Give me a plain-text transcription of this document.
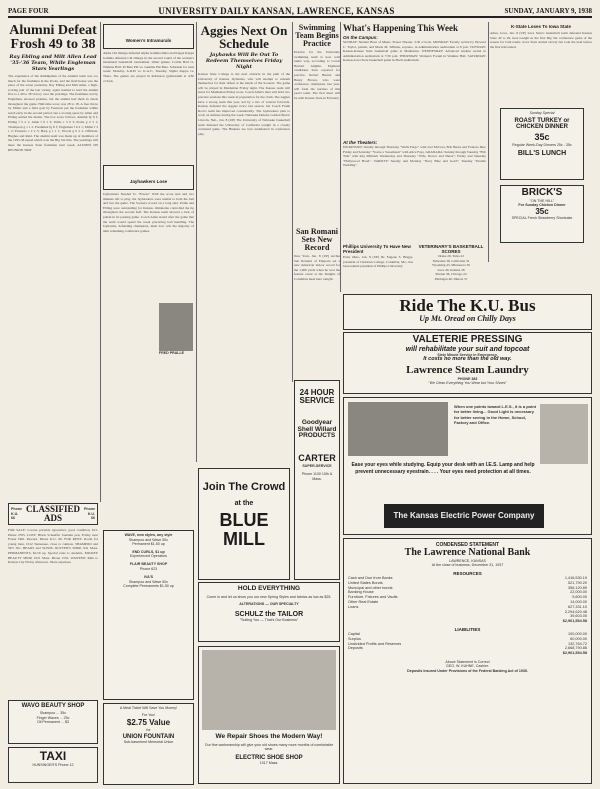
PAGE FOUR	UNIVERSITY DAILY KANSAN, LAWRENCE, KANSAS	SUNDAY, JANUARY 9, 1938
Alumni Defeat Frosh 49 to 38
Ray Ebling and Milt Allen Lead '35-'36 Team, While Engleman Stars Yearlings
The experience of the midshipmen of the Alumni team was too much for the freshmen in the Pocks, and the field house was the place of the scene yesterday. Ray Ebling and Milt Allen, a high-scoring pair of the last varsity, again teamed to lead the alumni five to a 49 to 38 victory over the yearlings. The freshmen, led by Engleman, showed promise, but the alumni had them in check throughout the game. Half-time score was 28 to 18. A free throw by Miller and a field goal by Fearnots put the freshmen within reach early in the second period, but a scoring spree by Allen and Ebling settled the matter. The box score follows. Alumni fg ft f; Ebling f 5 2 1; Allen f 6 1 2; Wells c 3 0 3; Pralle g 2 3 1; Thompson g 1 1 2. Freshmen fg ft f; Engleman f 6 2 1; Miller f 3 1 2; Fearnots c 2 2 3; Harp g 1 1 1; Woods g 0 2 2. Officials: Hughes and Reid. The alumni team was made up of members of the 1935-36 squad which won the Big Six title. The yearlings will meet the Kansas State freshmen next week. ALUMNI ON REUNION TRIP
Phone K.U. 66
CLASSIFIED ADS
Phone K.U. 66
FOR SALE: Corona portable typewriter, good condition, $15. Phone 2765. LOST: Black Schaeffer fountain pen, Friday near Fraser Hall. Reward. Phone K.U. 66. FOR RENT: Room for young man, 1012 Tennessee, close to campus. SHAMPOO and SET 50c. BEADS and SLEDS. RUTTER'S SHOP, 941 Mass. PERMANENTS, $2.50 up. Special rates to students. MICKEY BEAUTY SHOP, 1021 Mass. Phone 1552. WANTED: Ride to Kansas City Friday afternoon. Share expenses.
WAVO BEAUTY SHOP
Shampoo ... 35c
Finger Waves ... 25c
Oil Permanent ... $3
TAXI
HUNSINGER'S Phone 12
Women's Intramurals
Alpha Chi Omega defeated Alpha Gamma Delta and Kappa Kappa Gamma defeated Chi Omega in the second round of the women's intramural basketball tournament. Other games: Corbin Hall vs. Watkins Hall; Pi Beta Phi vs. Gamma Phi Beta. Schedule for next week: Monday, A.D.Pi vs. K.A.T.; Tuesday, Sigma Kappa vs. Theta. The games are played in Robinson gymnasium at 4:30 o'clock.
Jayhawkers Lose
Jayhawkers Needed To "Freeze" With the score tied and two minutes left to play, the Jayhawkers were unable to hold the ball and lost the game. The Sooners scored on a long shot. Pralle and Ebling were outstanding for Kansas. Oklahoma controlled the tip throughout the second half. The Kansas team showed a lack of polish in its passing game. Coach Allen stated after the game that the team would spend the week practicing ball handling. The Jayhawks, defending champions, must now win the majority of their remaining conference games.
FRED PRALLE
WAVE, new styles, any style
Shampoo and Wave 50c
Permanent $1.50 up
END CURLS, $1 up
Experienced Operators
FLAIR BEAUTY SHOP
Phone 623
IVA'S
Shampoo and Wave 50c
Complete Permanents $1.50 up
A Meal Ticket Will Save You Money!
For You!
$2.75 Value
for
UNION FOUNTAIN
Sub-basement Memorial Union
Aggies Next On Schedule
Jayhawks Will Be Out To Redeem Themselves Friday Night
Kansas State College is the next obstacle in the path of the University of Kansas Jayhawks, who will attempt to redeem themselves for their defeat at the hands of the Sooners. The game will be played in Manhattan Friday night. The Kansas team will leave for Manhattan Friday noon. Coach Allen's men will hold two practice sessions this week in preparation for the clash. The Aggies have a strong team this year, led by a trio of veteran forwards. Kansas defeated the Aggies twice last season, but Coach Frank Root's team has improved considerably. The Jayhawkers plan to work on defense during the week. Nebraska Defeats Golden Bears: Lincoln, Neb., Jan. 8 (UP) The University of Nebraska basketball team defeated the University of California tonight in a closely contested game. The Huskers are now undefeated in conference play.
Join The Crowd
at the
BLUE MILL
HOLD EVERYTHING
Come in and let us show you our new Spring Styles and fabrics as low as $25.
ALTERATIONS — OUR SPECIALTY
SCHULZ the TAILOR
"Suiting You — That's Our Business"
We Repair Shoes the Modern Way!
Our fine workmanship will give your old shoes many more months of comfortable wear.
ELECTRIC SHOE SHOP
1017 Mass.
Swimming Team Begins Practice
Practice for the University swimming team is now well under way, according to Coach Herbert Allphin. Eighteen candidates have reported for practice. Robert Burnie and Henry Brown, who were conference champions last year, will form the nucleus of this year's team. The first meet will be with Kansas State in February.
San Romani Sets New Record
New York, Jan. 8 (UP) Archie San Romani of Emporia set a new American indoor record for the 1,000 yards when he won the feature event at the Knights of Columbus meet here tonight.
24 HOUR SERVICE
Goodyear Shell Willard PRODUCTS
CARTER
SUPER-SERVICE
Phone 1100 10th & Mass.
What's Happening This Week
On the Campus:
SUNDAY: Student Hour of Music, Fraser Theater, 3:30 o'clock. MONDAY: Faculty recital by Howard C. Taylor, pianist, and Marie M. Wilkins, soprano, in Administration auditorium at 8 p.m. TUESDAY: Kansas-Kansas State basketball game at Manhattan. WEDNESDAY: Advanced student recital in Administration auditorium at 7:30 p.m. THURSDAY: Women's Forum in Watkins Hall. SATURDAY: Kansas-Iowa State basketball game in Hoch auditorium.
At the Theaters:
DICKINSON: Sunday through Thursday "Wells Fargo" with Joel McCrea, Bob Burns and Frances Dee; Friday and Saturday "You're a Sweetheart" with Alice Faye. GRANADA: Sunday through Tuesday "Ebb Tide" with Ray Milland; Wednesday and Thursday "Wife, Doctor and Nurse"; Friday and Saturday "Hollywood Hotel". VARSITY: Sunday and Monday "Navy Blue and Gold"; Tuesday "Double Wedding".
K-State Loses To Iowa State
Ames, Iowa, Jan. 8 (UP) Iowa State's basketball team defeated Kansas State 40 to 29, here tonight in the first Big Six conference game of the season for both teams. Iowa State started slowly but took the lead before the first half ended.
Sunday Special
ROAST TURKEY or CHICKEN DINNER
35c
Regular Week-Day Dinners 25c - 35c
BILL'S LUNCH
BRICK'S
"ON THE HILL"
For Sunday Chicken Dinner
35c
SPECIAL Fresh Strawberry Shortcake
Phillips University To Have New President
Enid, Okla., Jan. 8 (UP) Dr. Eugene S. Briggs, president of Christian College, Columbia, Mo., has been named president of Phillips University.
VETERINARY'S BASKETBALL SCORES
Drake 29, Tulsa 22
Nebraska 38, California 32
Wyoming 45, Minnesota 36
Iowa 40, Indiana 28
Purdue 36, Chicago 24
Michigan 46, Illinois 37
Ride The K.U. Bus
Up Mt. Oread on Chilly Days
VALETERIE PRESSING
will rehabilitate your suit and topcoat
Sixty Minute Service in Emergency.
It costs no more than the old way.
Lawrence Steam Laundry
PHONE 383
"We Clean Everything You Wear but Your Shoes"
When one points toward L.E.S., it is a point for better living... Good Light is necessary for better seeing in the Home, School, Factory and Office.
Ease your eyes while studying. Equip your desk with an I.E.S. Lamp and help prevent unnecessary eyestrain. . . . Your eyes need protection at all times.
The Kansas Electric Power Company
CONDENSED STATEMENT
The Lawrence National Bank
LAWRENCE, KANSAS
At the close of business, December 31, 1937
RESOURCES
Cash and Due from Banks	1,416,530.19
United States Bonds	521,790.20
Municipal and other bonds	356,120.89
Banking House	22,000.00
Furniture, Fixtures and Vaults	5,600.00
Other Real Estate	14,000.00
Loans	627,331.10
2,294,620.48
39,603.00
$2,961,554.58
LIABILITIES
Capital	100,000.00
Surplus	60,000.00
Undivided Profits and Reserves	132,764.72
Deposits	2,668,790.86
$2,961,554.58
Above Statement Is Correct
GEO. W. KUHNE, Cashier.
Deposits Insured Under Provisions of the Federal Banking Act of 1935.
